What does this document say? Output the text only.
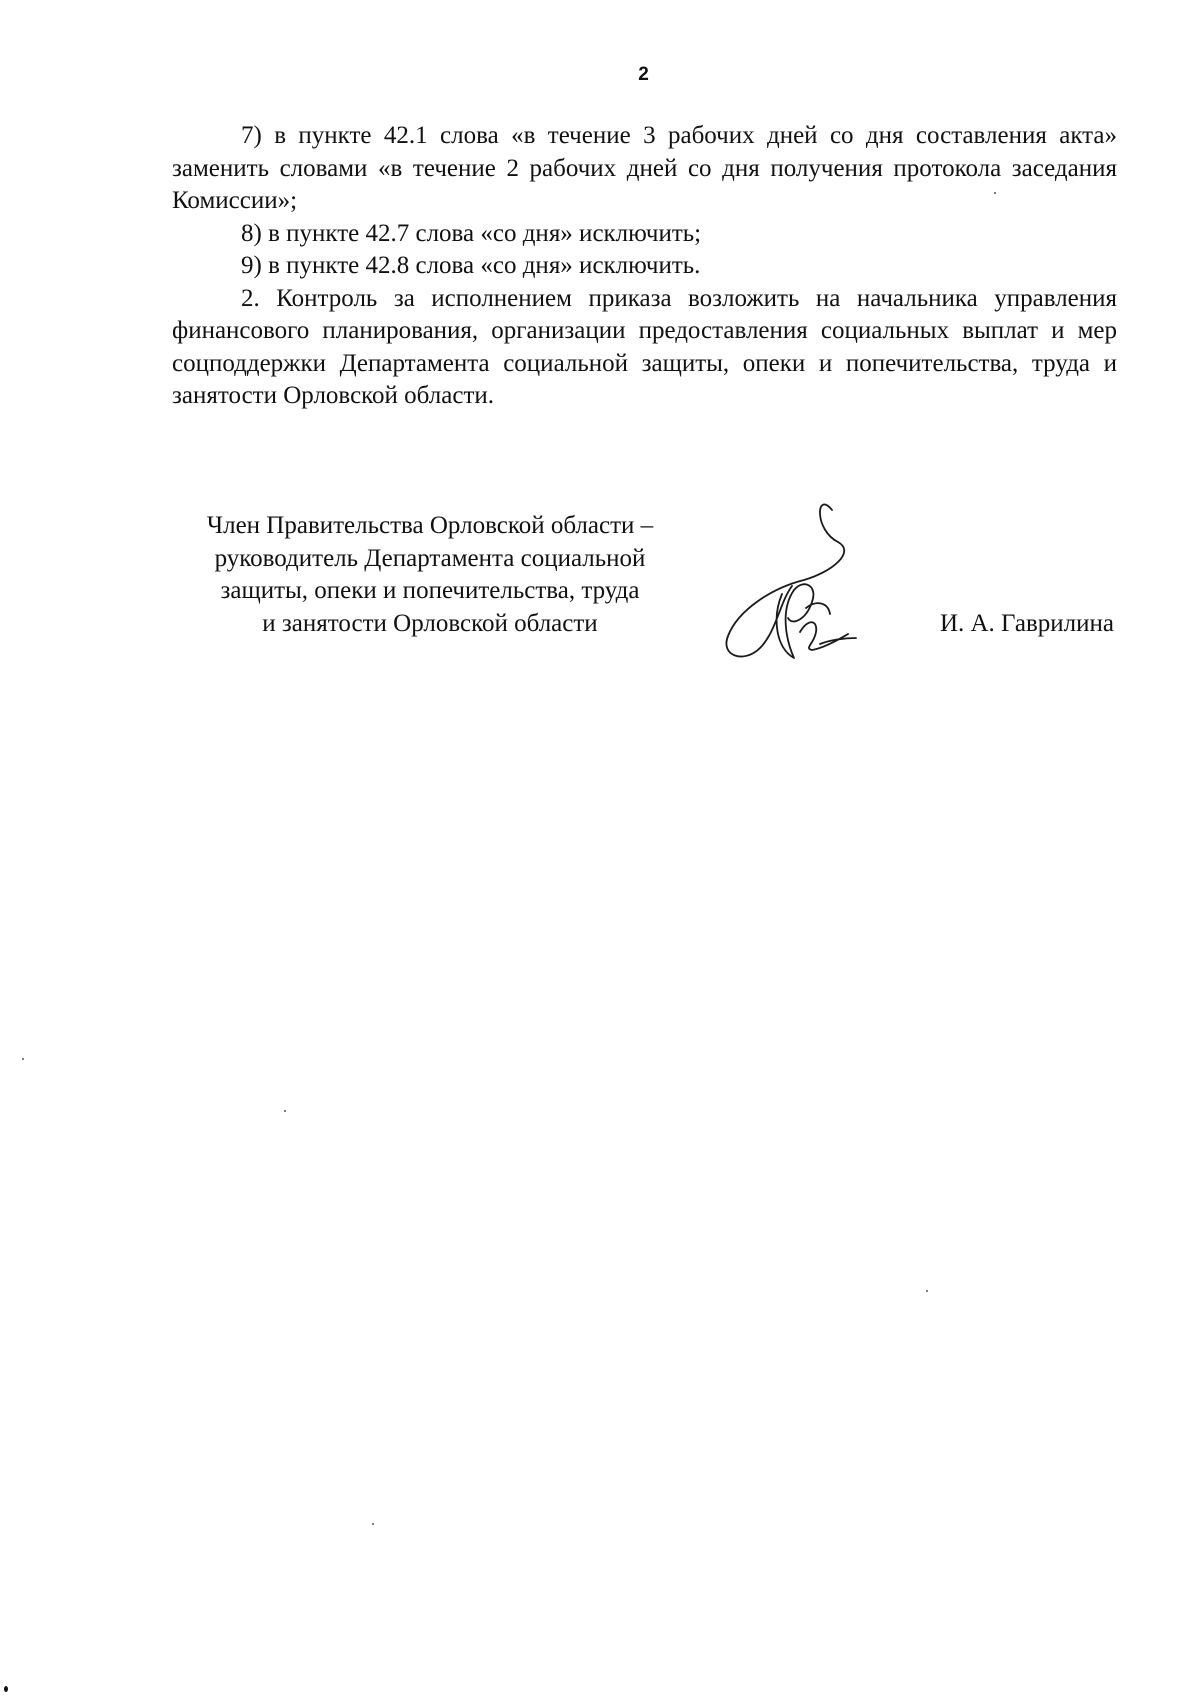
2

7) в пункте 42.1 слова «в течение 3 рабочих дней со дня составления акта» заменить словами «в течение 2 рабочих дней со дня получения протокола заседания Комиссии»;

8) в пункте 42.7 слова «со дня» исключить;

9) в пункте 42.8 слова «со дня» исключить.

2. Контроль за исполнением приказа возложить на начальника управления финансового планирования, организации предоставления социальных выплат и мер соцподдержки Департамента социальной защиты, опеки и попечительства, труда и занятости Орловской области.

Член Правительства Орловской области –
руководитель Департамента социальной
защиты, опеки и попечительства, труда
и занятости Орловской области	И. А. Гаврилина
